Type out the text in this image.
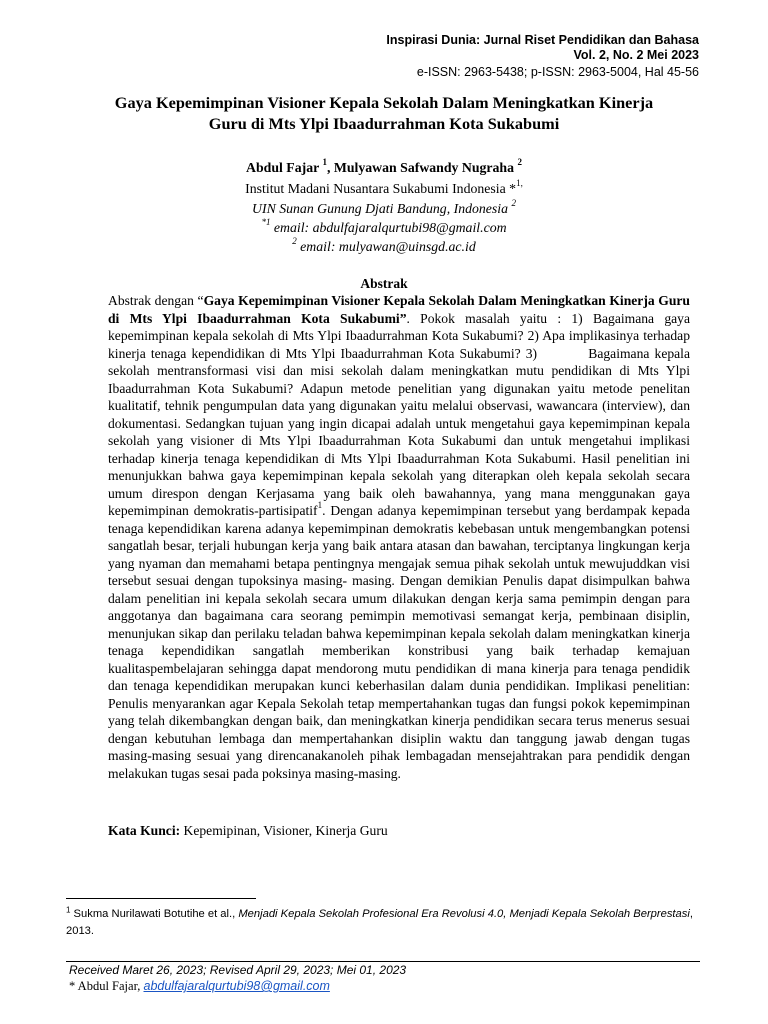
Inspirasi Dunia: Jurnal Riset Pendidikan dan Bahasa
Vol. 2, No. 2 Mei 2023
e-ISSN: 2963-5438; p-ISSN: 2963-5004, Hal 45-56
Gaya Kepemimpinan Visioner Kepala Sekolah Dalam Meningkatkan Kinerja
Guru di Mts Ylpi Ibaadurrahman Kota Sukabumi
Abdul Fajar $^1$, Mulyawan Safwandy Nugraha $^2$
Institut Madani Nusantara Sukabumi Indonesia *$^{1,}$
UIN Sunan Gunung Djati Bandung, Indonesia $^2$
$^{*1}$ email: abdulfajaralqurtubi98@gmail.com
$^2$ email: mulyawan@uinsgd.ac.id
Abstrak
Abstrak dengan “Gaya Kepemimpinan Visioner Kepala Sekolah Dalam Meningkatkan Kinerja Guru di Mts Ylpi Ibaadurrahman Kota Sukabumi”. Pokok masalah yaitu : 1) Bagaimana gaya kepemimpinan kepala sekolah di Mts Ylpi Ibaadurrahman Kota Sukabumi? 2) Apa implikasinya terhadap kinerja tenaga kependidikan di Mts Ylpi Ibaadurrahman Kota Sukabumi? 3)          Bagaimana kepala sekolah mentransformasi visi dan misi sekolah dalam meningkatkan mutu pendidikan di Mts Ylpi Ibaadurrahman Kota Sukabumi? Adapun metode penelitian yang digunakan yaitu metode penelitan kualitatif, tehnik pengumpulan data yang digunakan yaitu melalui observasi, wawancara (interview), dan dokumentasi. Sedangkan tujuan yang ingin dicapai adalah untuk mengetahui gaya kepemimpinan kepala sekolah yang visioner di Mts Ylpi Ibaadurrahman Kota Sukabumi dan untuk mengetahui implikasi terhadap kinerja tenaga kependidikan di Mts Ylpi Ibaadurrahman Kota Sukabumi. Hasil penelitian ini menunjukkan bahwa gaya kepemimpinan kepala sekolah yang diterapkan oleh kepala sekolah secara umum direspon dengan Kerjasama yang baik oleh bawahannya, yang mana menggunakan gaya kepemimpinan demokratis-partisipatif$^1$. Dengan adanya kepemimpinan tersebut yang berdampak kepada tenaga kependidikan karena adanya kepemimpinan demokratis kebebasan untuk mengembangkan potensi sangatlah besar, terjali hubungan kerja yang baik antara atasan dan bawahan, terciptanya lingkungan kerja yang nyaman dan memahami betapa pentingnya mengajak semua pihak sekolah untuk mewujuddkan visi tersebut sesuai dengan tupoksinya masing- masing. Dengan demikian Penulis dapat disimpulkan bahwa dalam penelitian ini kepala sekolah secara umum dilakukan dengan kerja sama pemimpin dengan para anggotanya dan bagaimana cara seorang pemimpin memotivasi semangat kerja, pembinaan disiplin, menunjukan sikap dan perilaku teladan bahwa kepemimpinan kepala sekolah dalam meningkatkan kinerja tenaga kependidikan sangatlah memberikan konstribusi yang baik terhadap kemajuan kualitaspembelajaran sehingga dapat mendorong mutu pendidikan di mana kinerja para tenaga pendidik dan tenaga kependidikan merupakan kunci keberhasilan dalam dunia pendidikan. Implikasi penelitian: Penulis menyarankan agar Kepala Sekolah tetap mempertahankan tugas dan fungsi pokok kepemimpinan yang telah dikembangkan dengan baik, dan meningkatkan kinerja pendidikan secara terus menerus sesuai dengan kebutuhan lembaga dan mempertahankan disiplin waktu dan tanggung jawab dengan tugas masing-masing sesuai yang direncanakanoleh pihak lembagadan mensejahtrakan para pendidik dengan melakukan tugas sesai pada poksinya masing-masing.
Kata Kunci: Kepemipinan, Visioner, Kinerja Guru
$^1$ Sukma Nurilawati Botutihe et al., Menjadi Kepala Sekolah Profesional Era Revolusi 4.0, Menjadi Kepala Sekolah Berprestasi, 2013.
Received Maret 26, 2023; Revised April 29, 2023; Mei 01, 2023
* Abdul Fajar, abdulfajaralqurtubi98@gmail.com
